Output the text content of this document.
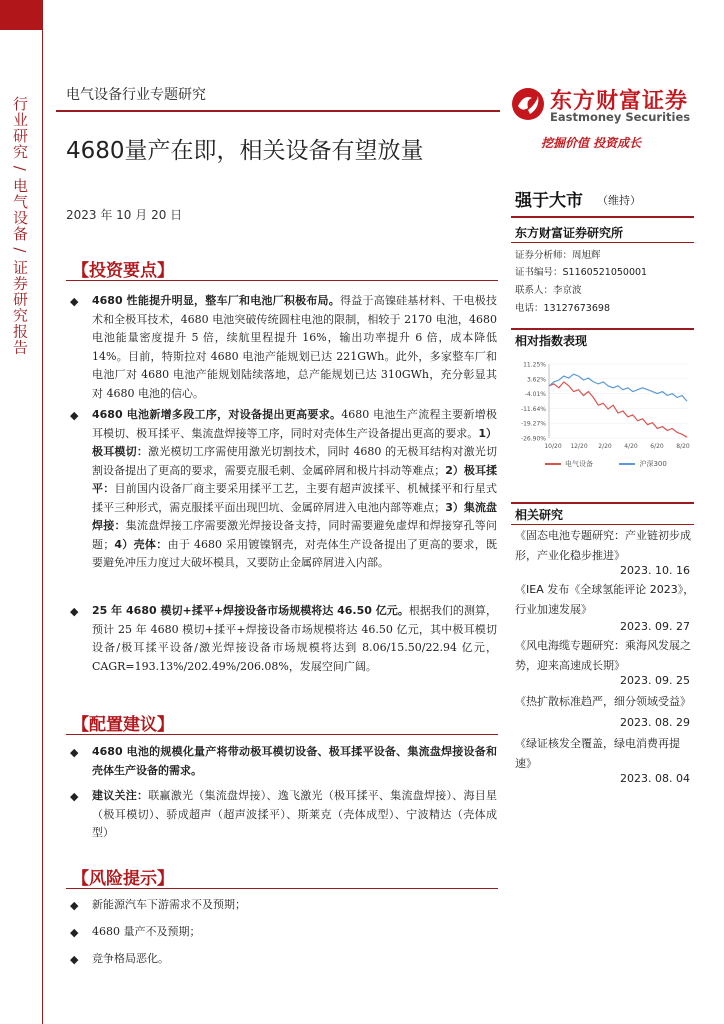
行业研究 / 电气设备 / 证券研究报告
电气设备行业专题研究
4680量产在即，相关设备有望放量
2023 年 10 月 20 日
东方财富证券
Eastmoney Securities
挖掘价值 投资成长
强于大市 （维持）
东方财富证券研究所
证券分析师：周旭辉
证书编号：S1160521050001
联系人：李京波
电话：13127673698
相对指数表现
11.25%
3.62%
-4.01%
-11.64%
-19.27%
-26.90%
10/20 12/20 2/20 4/20 6/20 8/20
电气设备	沪深300
相关研究
《固态电池专题研究：产业链初步成形，产业化稳步推进》
2023. 10. 16
《IEA 发布《全球氢能评论 2023》，行业加速发展》
2023. 09. 27
《风电海缆专题研究：乘海风发展之势，迎来高速成长期》
2023. 09. 25
《热扩散标准趋严，细分领域受益》
2023. 08. 29
《绿证核发全覆盖，绿电消费再提速》
2023. 08. 04
【投资要点】
◆ 4680 性能提升明显，整车厂和电池厂积极布局。得益于高镍硅基材料、干电极技术和全极耳技术，4680 电池突破传统圆柱电池的限制，相较于 2170 电池，4680 电池能量密度提升 5 倍，续航里程提升 16%，输出功率提升 6 倍，成本降低 14%。目前，特斯拉对 4680 电池产能规划已达 221GWh。此外，多家整车厂和电池厂对 4680 电池产能规划陆续落地，总产能规划已达 310GWh，充分彰显其对 4680 电池的信心。
◆ 4680 电池新增多段工序，对设备提出更高要求。4680 电池生产流程主要新增极耳模切、极耳揉平、集流盘焊接等工序，同时对壳体生产设备提出更高的要求。1）极耳模切：激光模切工序需使用激光切割技术，同时 4680 的无极耳结构对激光切割设备提出了更高的要求，需要克服毛刺、金属碎屑和极片抖动等难点；2）极耳揉平：目前国内设备厂商主要采用揉平工艺，主要有超声波揉平、机械揉平和行星式揉平三种形式，需克服揉平面出现凹坑、金属碎屑进入电池内部等难点；3）集流盘焊接：集流盘焊接工序需要激光焊接设备支持，同时需要避免虚焊和焊接穿孔等问题；4）壳体：由于 4680 采用镀镍钢壳，对壳体生产设备提出了更高的要求，既要避免冲压力度过大破坏模具，又要防止金属碎屑进入内部。
◆ 25 年 4680 模切+揉平+焊接设备市场规模将达 46.50 亿元。根据我们的测算，预计 25 年 4680 模切+揉平+焊接设备市场规模将达 46.50 亿元，其中极耳模切设备/极耳揉平设备/激光焊接设备市场规模将达到 8.06/15.50/22.94 亿元，CAGR=193.13%/202.49%/206.08%，发展空间广阔。
【配置建议】
◆ 4680 电池的规模化量产将带动极耳模切设备、极耳揉平设备、集流盘焊接设备和壳体生产设备的需求。
◆ 建议关注：联赢激光（集流盘焊接）、逸飞激光（极耳揉平、集流盘焊接）、海目星（极耳模切）、骄成超声（超声波揉平）、斯莱克（壳体成型）、宁波精达（壳体成型）
【风险提示】
◆ 新能源汽车下游需求不及预期；
◆ 4680 量产不及预期；
◆ 竞争格局恶化。
